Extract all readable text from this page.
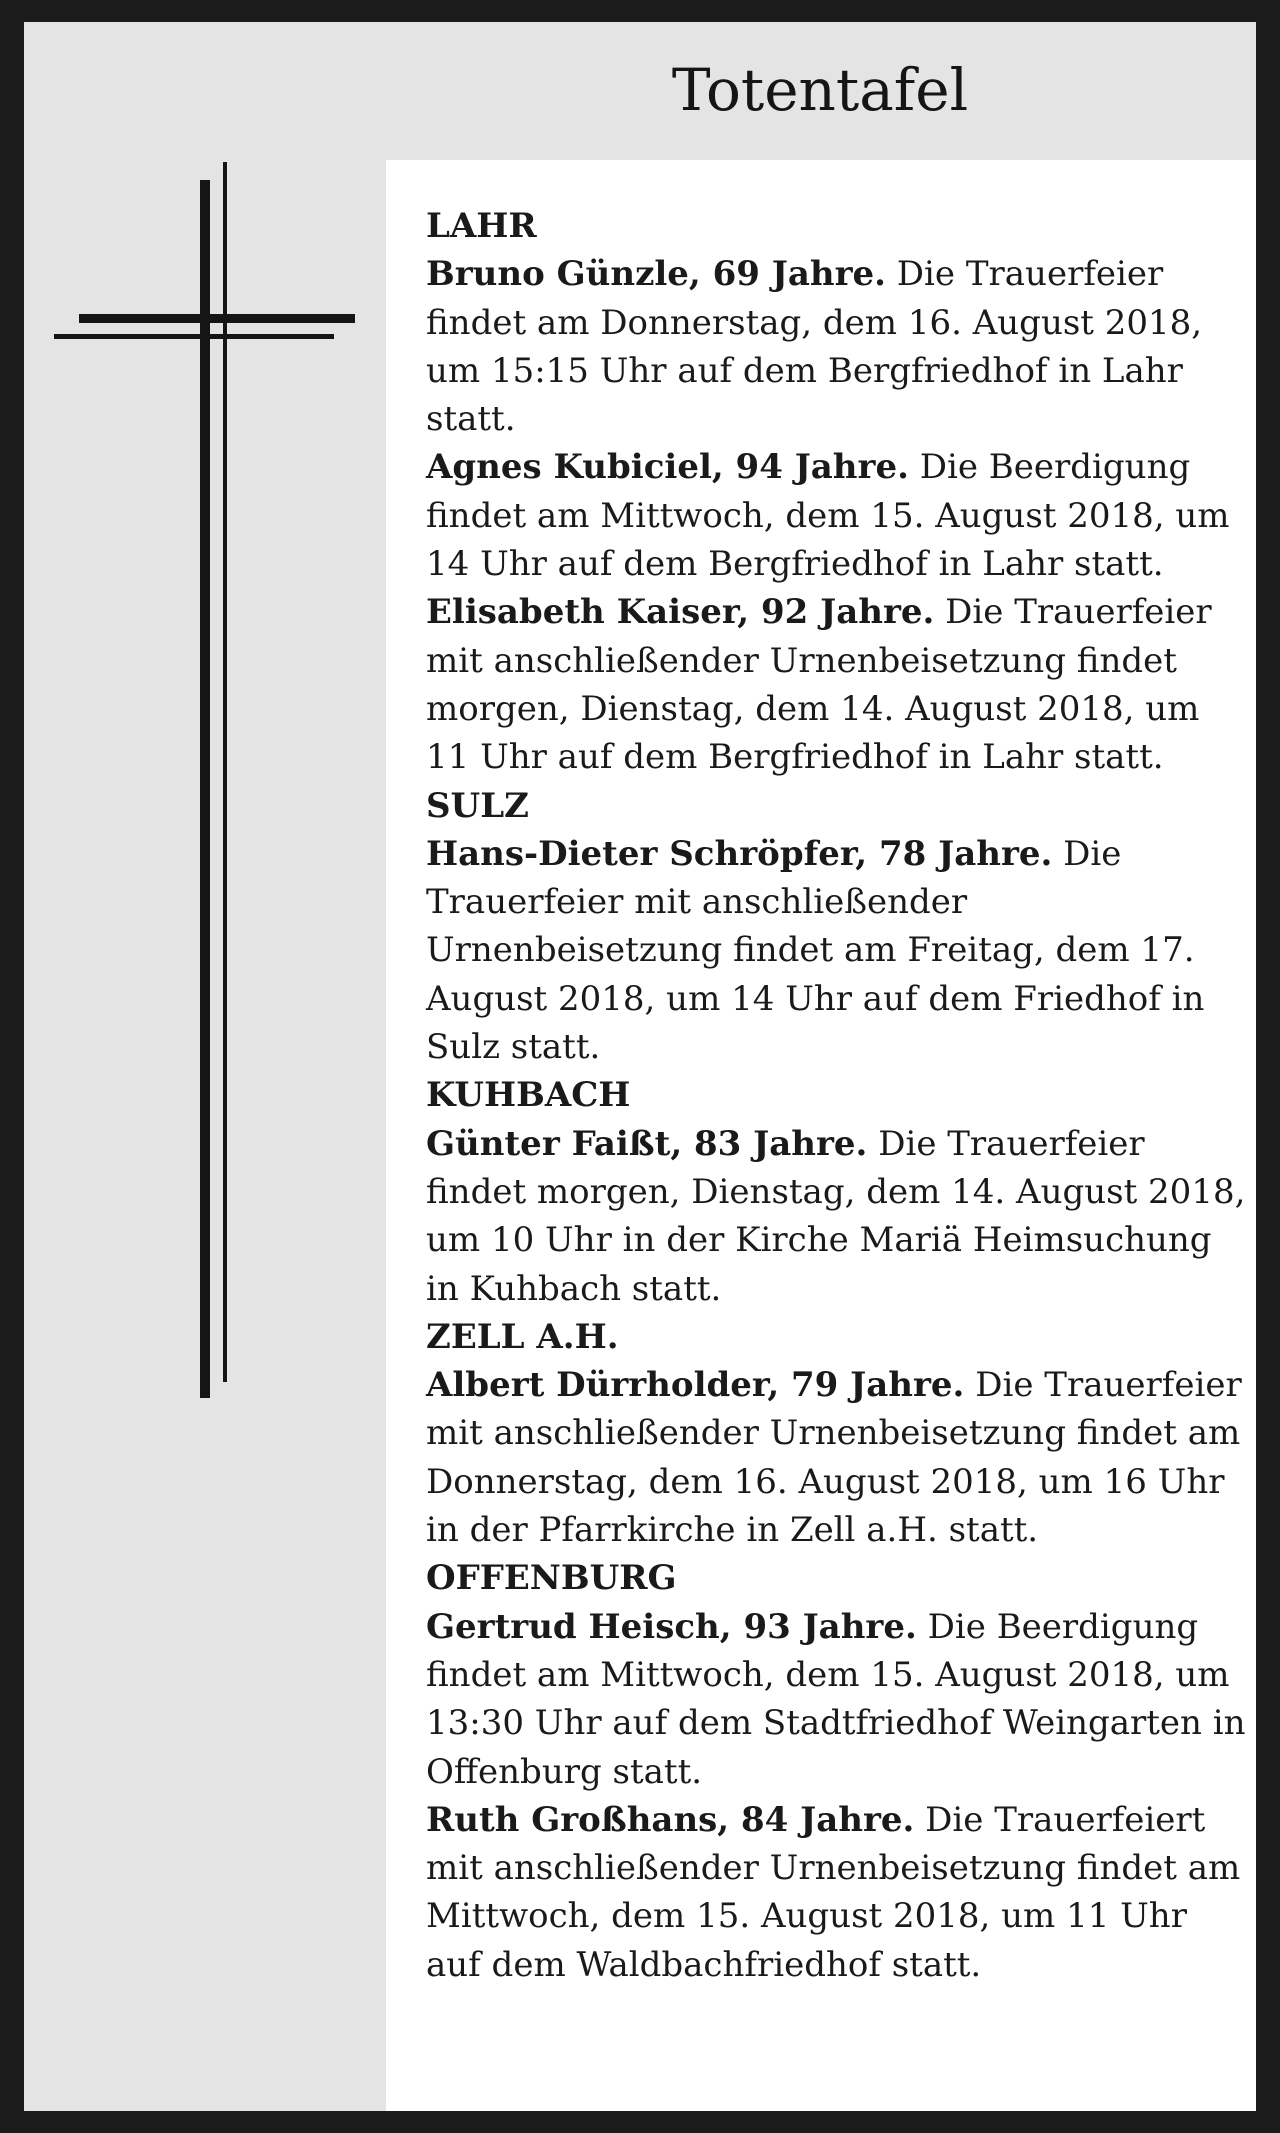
Totentafel
LAHR
Bruno Günzle, 69 Jahre. Die Trauerfeier findet am Donnerstag, dem 16. August 2018, um 15:15 Uhr auf dem Bergfriedhof in Lahr statt.
Agnes Kubiciel, 94 Jahre. Die Beerdigung findet am Mittwoch, dem 15. August 2018, um 14 Uhr auf dem Bergfriedhof in Lahr statt.
Elisabeth Kaiser, 92 Jahre. Die Trauerfeier mit anschließender Urnenbeisetzung findet morgen, Dienstag, dem 14. August 2018, um 11 Uhr auf dem Bergfriedhof in Lahr statt.
SULZ
Hans-Dieter Schröpfer, 78 Jahre. Die Trauerfeier mit anschließender Urnenbeisetzung findet am Freitag, dem 17. August 2018, um 14 Uhr auf dem Friedhof in Sulz statt.
KUHBACH
Günter Faißt, 83 Jahre. Die Trauerfeier findet morgen, Dienstag, dem 14. August 2018, um 10 Uhr in der Kirche Mariä Heimsuchung in Kuhbach statt.
ZELL A.H.
Albert Dürrholder, 79 Jahre. Die Trauerfeier mit anschließender Urnenbeisetzung findet am Donnerstag, dem 16. August 2018, um 16 Uhr in der Pfarrkirche in Zell a.H. statt.
OFFENBURG
Gertrud Heisch, 93 Jahre. Die Beerdigung findet am Mittwoch, dem 15. August 2018, um 13:30 Uhr auf dem Stadtfriedhof Weingarten in Offenburg statt.
Ruth Großhans, 84 Jahre. Die Trauerfeiert mit anschließender Urnenbeisetzung findet am Mittwoch, dem 15. August 2018, um 11 Uhr auf dem Waldbachfriedhof statt.
